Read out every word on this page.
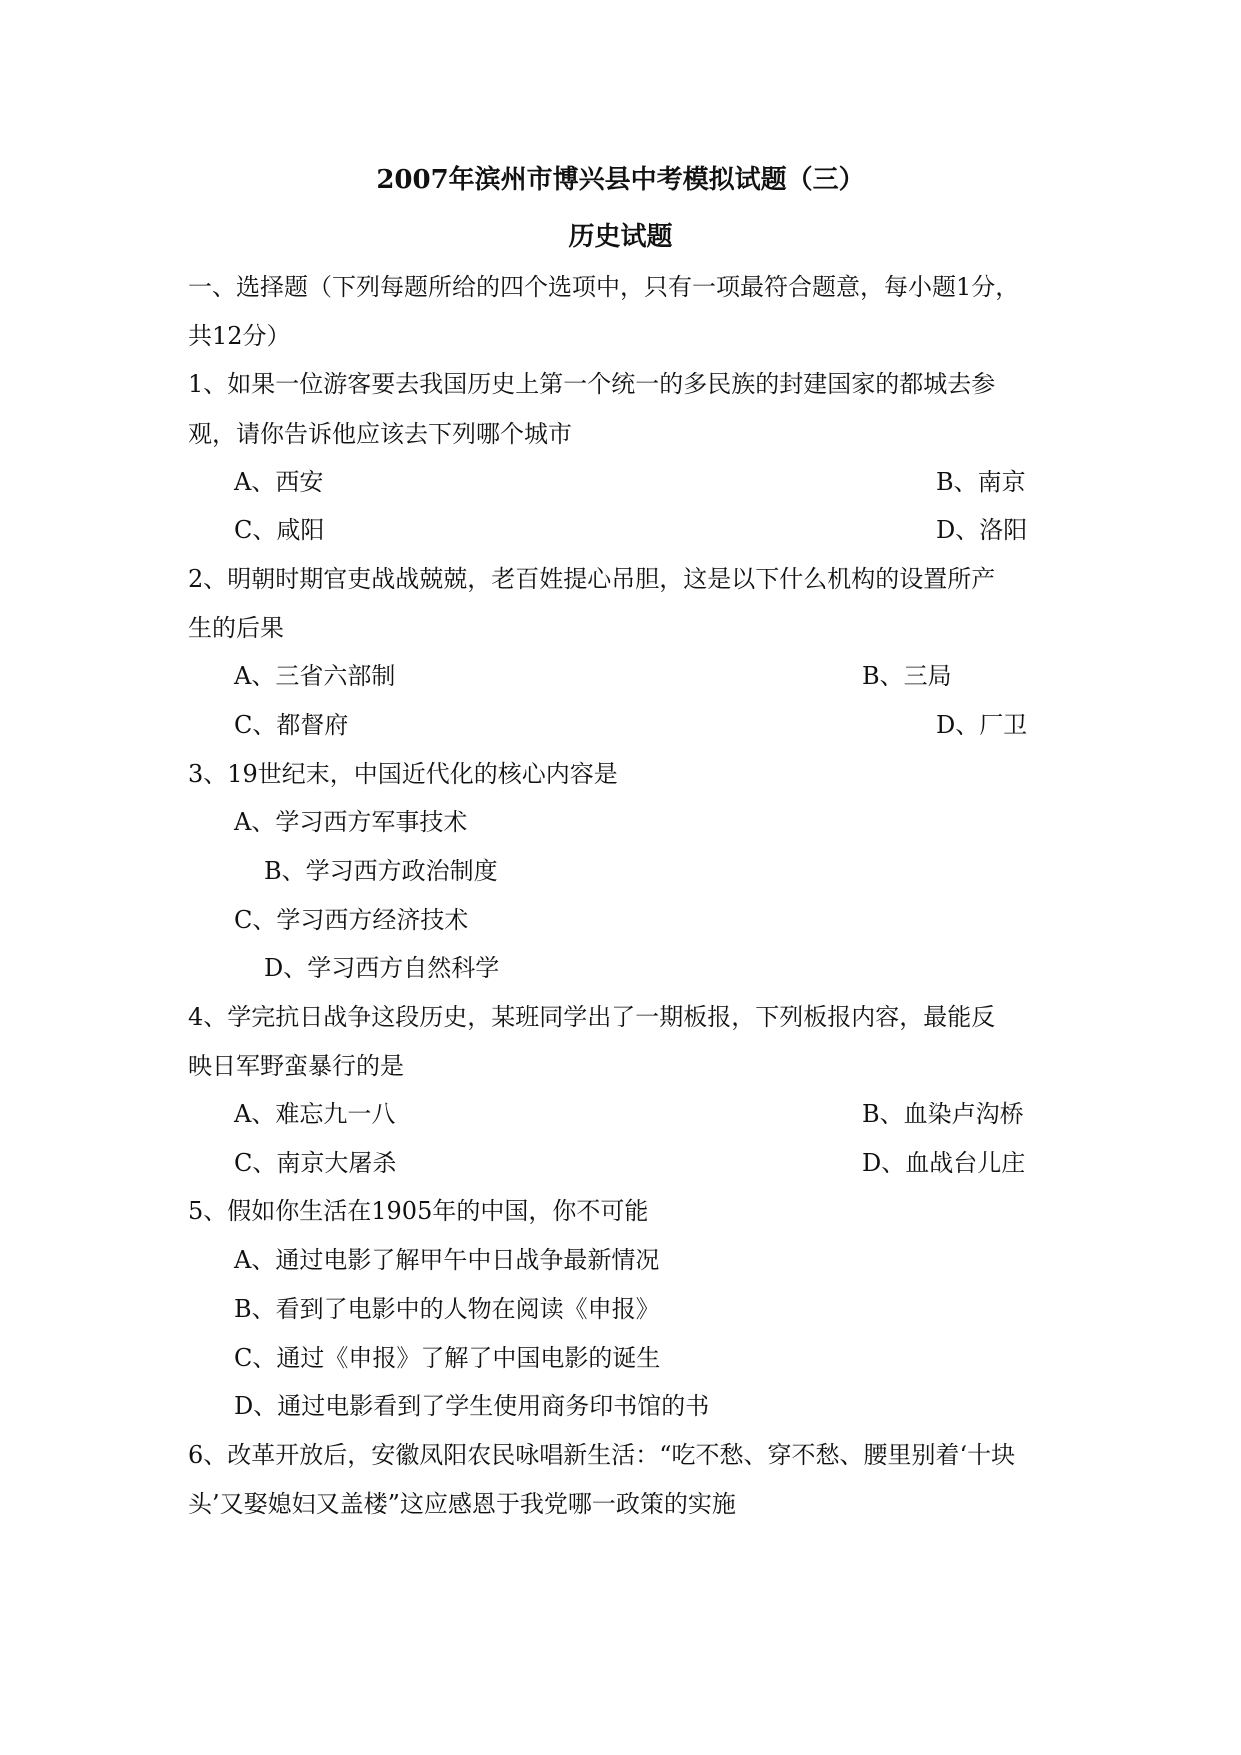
2007年滨州市博兴县中考模拟试题（三）
历史试题
一、选择题（下列每题所给的四个选项中，只有一项最符合题意，每小题1分，
共12分）
1、如果一位游客要去我国历史上第一个统一的多民族的封建国家的都城去参
观，请你告诉他应该去下列哪个城市
A、西安	B、南京
C、咸阳	D、洛阳
2、明朝时期官吏战战兢兢，老百姓提心吊胆，这是以下什么机构的设置所产
生的后果
A、三省六部制	B、三局
C、都督府	D、厂卫
3、19世纪末，中国近代化的核心内容是
A、学习西方军事技术
B、学习西方政治制度
C、学习西方经济技术
D、学习西方自然科学
4、学完抗日战争这段历史，某班同学出了一期板报，下列板报内容，最能反
映日军野蛮暴行的是
A、难忘九一八	B、血染卢沟桥
C、南京大屠杀	D、血战台儿庄
5、假如你生活在1905年的中国，你不可能
A、通过电影了解甲午中日战争最新情况
B、看到了电影中的人物在阅读《申报》
C、通过《申报》了解了中国电影的诞生
D、通过电影看到了学生使用商务印书馆的书
6、改革开放后，安徽凤阳农民咏唱新生活：“吃不愁、穿不愁、腰里别着‘十块
头’又娶媳妇又盖楼”这应感恩于我党哪一政策的实施
